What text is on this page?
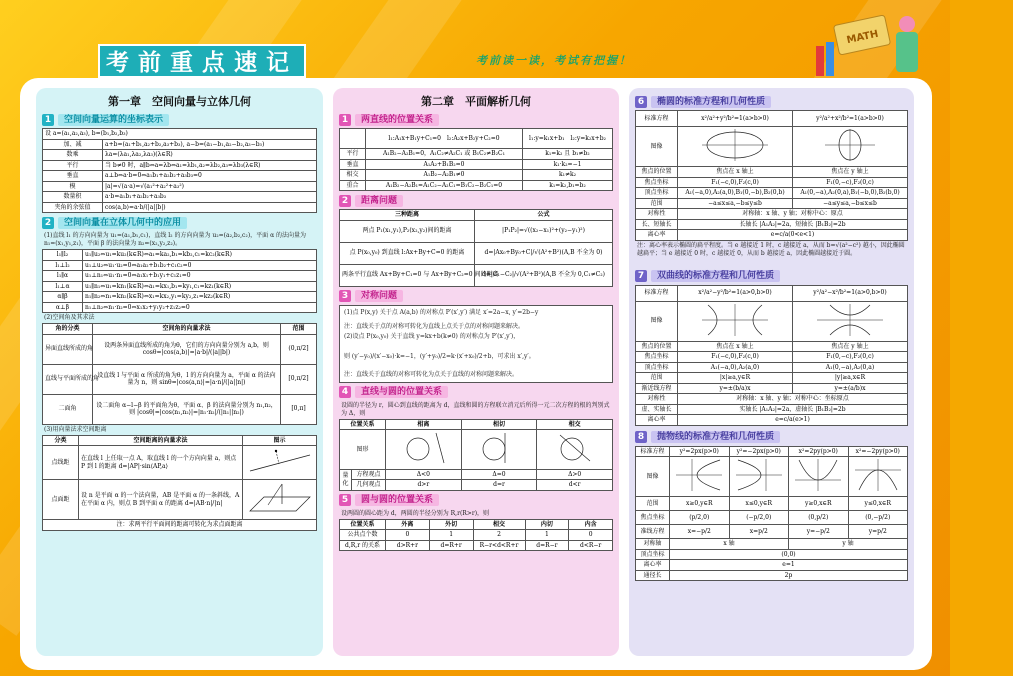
考前重点速记	考前读一读，考试有把握！
MATH
第一章　空间向量与立体几何
1	空间向量运算的坐标表示
设 a=(a₁,a₂,a₃), b=(b₁,b₂,b₃)	
加、减	a+b=(a₁+b₁,a₂+b₂,a₃+b₃), a−b=(a₁−b₁,a₂−b₂,a₃−b₃)
数乘	λa=(λa₁,λa₂,λa₃)(λ∈R)
平行	当 b≠0 时，a∥b⇔a=λb⇔a₁=λb₁,a₂=λb₂,a₃=λb₃(λ∈R)
垂直	a⊥b⇔a·b=0⇔a₁b₁+a₂b₂+a₃b₃=0
模	|a|=√(a·a)=√(a₁²+a₂²+a₃²)
数量积	a·b=a₁b₁+a₂b₂+a₃b₃
夹角的余弦值	cos⟨a,b⟩=a·b/(|a||b|)
2	空间向量在立体几何中的应用
(1)直线 l₁ 的方向向量为 u₁=(a₁,b₁,c₁)，直线 l₂ 的方向向量为 u₂=(a₂,b₂,c₂)，平面 α 的法向量为 n₁=(x₁,y₁,z₁)，平面 β 的法向量为 n₂=(x₂,y₂,z₂)。
l₁∥l₂	u₁∥u₂⇔u₁=ku₂(k∈R)⇔a₁=ka₂,b₁=kb₂,c₁=kc₂(k∈R)
l₁⊥l₂	u₁⊥u₂⇔u₁·u₂=0⇔a₁a₂+b₁b₂+c₁c₂=0
l₁∥α	u₁⊥n₁⇔u₁·n₁=0⇔a₁x₁+b₁y₁+c₁z₁=0
l₁⊥α	u₁∥n₁⇔u₁=kn₁(k∈R)⇔a₁=kx₁,b₁=ky₁,c₁=kz₁(k∈R)
α∥β	n₁∥n₂⇔n₁=kn₂(k∈R)⇔x₁=kx₂,y₁=ky₂,z₁=kz₂(k∈R)
α⊥β	n₁⊥n₂⇔n₁·n₂=0⇔x₁x₂+y₁y₂+z₁z₂=0
(2)空间角及其求法
角的分类	空间角的向量求法	范围
异面直线所成的角	设两条异面直线所成的角为θ，它们的方向向量分别为 a,b，则 cosθ=|cos⟨a,b⟩|=|a·b|/(|a||b|)	(0,π/2]
直线与平面所成的角	设直线 l 与平面 α 所成的角为θ，l 的方向向量为 a，平面 α 的法向量为 n，则 sinθ=|cos⟨a,n⟩|=|a·n|/(|a||n|)	[0,π/2]
二面角	设二面角 α−l−β 的平面角为θ，平面 α、β 的法向量分别为 n₁,n₂，则 |cosθ|=|cos⟨n₁,n₂⟩|=|n₁·n₂|/(|n₁||n₂|)	[0,π]
(3)用向量法求空间距离
分类	空间距离的向量求法	图示
点线距	在直线 l 上任取一点 A，取直线 l 的一个方向向量 a，则点 P 到 l 的距离 d=|AP|·sin⟨AP,a⟩	
点面距	设 n 是平面 α 的一个法向量，AB 是平面 α 的一条斜线，A 在平面 α 内，则点 B 到平面 α 的距离 d=|AB·n|/|n|	
注：求两平行平面间的距离可转化为求点面距离		
第二章　平面解析几何
1	两直线的位置关系
	l₁:A₁x+B₁y+C₁=0　l₂:A₂x+B₂y+C₂=0	l₁:y=k₁x+b₁　l₂:y=k₂x+b₂
平行	A₁B₂−A₂B₁=0，A₁C₂≠A₂C₁ 或 B₁C₂≠B₂C₁	k₁=k₂ 且 b₁≠b₂
垂直	A₁A₂+B₁B₂=0	k₁·k₂=−1
相交	A₁B₂−A₂B₁≠0	k₁≠k₂
重合	A₁B₂−A₂B₁=A₁C₂−A₂C₁=B₁C₂−B₂C₁=0	k₁=k₂,b₁=b₂
2	距离问题
三种距离	公式
两点 P₁(x₁,y₁),P₂(x₂,y₂)间的距离	|P₁P₂|=√((x₂−x₁)²+(y₂−y₁)²)
点 P(x₀,y₀) 到直线 l:Ax+By+C=0 的距离	d=|Ax₀+By₀+C|/√(A²+B²)(A,B 不全为 0)
两条平行直线 Ax+By+C₁=0 与 Ax+By+C₂=0 间的距离	d=|C₁−C₂|/√(A²+B²)(A,B 不全为 0,C₁≠C₂)
3	对称问题
(1)点 P(x,y) 关于点 A(a,b) 的对称点 P′(x′,y′) 满足 x′=2a−x, y′=2b−y
注：直线关于点的对称可转化为直线上点关于点的对称问题来解决。
(2)设点 P(x₀,y₀) 关于直线 y=kx+b(k≠0) 的对称点为 P′(x′,y′)，
则 (y′−y₀)/(x′−x₀)·k=−1，(y′+y₀)/2=k·(x′+x₀)/2+b，可求出 x′,y′。
注：直线关于直线的对称可转化为点关于直线的对称问题来解决。
4	直线与圆的位置关系
设圆的半径为 r，圆心到直线的距离为 d，直线和圆的方程联立消元后所得一元二次方程的根的判别式为 Δ，则
位置关系		相离	相切	相交
图形			
量化	方程观点	Δ<0	Δ=0	Δ>0
	几何观点	d>r	d=r	d<r
5	圆与圆的位置关系
设两圆的圆心距为 d，两圆的半径分别为 R,r(R>r)，则
位置关系	外离	外切	相交	内切	内含
公共点个数	0	1	2	1	0
d,R,r 的关系	d>R+r	d=R+r	R−r<d<R+r	d=R−r	d<R−r
6	椭圆的标准方程和几何性质
标准方程	x²/a²+y²/b²=1(a>b>0)	y²/a²+x²/b²=1(a>b>0)
图像		
焦点的位置	焦点在 x 轴上	焦点在 y 轴上
焦点坐标	F₁(−c,0),F₂(c,0)	F₁(0,−c),F₂(0,c)
顶点坐标	A₁(−a,0),A₂(a,0),B₁(0,−b),B₂(0,b)	A₁(0,−a),A₂(0,a),B₁(−b,0),B₂(b,0)
范围	−a≤x≤a,−b≤y≤b	−a≤y≤a,−b≤x≤b
对称性	对称轴：x 轴、y 轴；对称中心：原点	
长、短轴长	长轴长 |A₁A₂|=2a，短轴长 |B₁B₂|=2b	
离心率	e=c/a(0<e<1)	
注：离心率表示椭圆的扁平程度。当 e 越接近 1 时，c 越接近 a，从而 b=√(a²−c²) 越小，因此椭圆越扁平；当 e 越接近 0 时，c 越接近 0，从而 b 越接近 a，因此椭圆越接近于圆。
7	双曲线的标准方程和几何性质
标准方程	x²/a²−y²/b²=1(a>0,b>0)	y²/a²−x²/b²=1(a>0,b>0)
图像		
焦点的位置	焦点在 x 轴上	焦点在 y 轴上
焦点坐标	F₁(−c,0),F₂(c,0)	F₁(0,−c),F₂(0,c)
顶点坐标	A₁(−a,0),A₂(a,0)	A₁(0,−a),A₂(0,a)
范围	|x|≥a,y∈R	|y|≥a,x∈R
渐近线方程	y=±(b/a)x	y=±(a/b)x
对称性	对称轴：x 轴、y 轴；对称中心：坐标原点	
虚、实轴长	实轴长 |A₁A₂|=2a，虚轴长 |B₁B₂|=2b	
离心率	e=c/a(e>1)	
8	抛物线的标准方程和几何性质
标准方程	y²=2px(p>0)	y²=−2px(p>0)	x²=2py(p>0)	x²=−2py(p>0)
图像				
范围	x≥0,y∈R	x≤0,y∈R	y≥0,x∈R	y≤0,x∈R
焦点坐标	(p/2,0)	(−p/2,0)	(0,p/2)	(0,−p/2)
准线方程	x=−p/2	x=p/2	y=−p/2	y=p/2
对称轴	x 轴		y 轴	
顶点坐标	(0,0)			
离心率	e=1			
通径长	2p			
